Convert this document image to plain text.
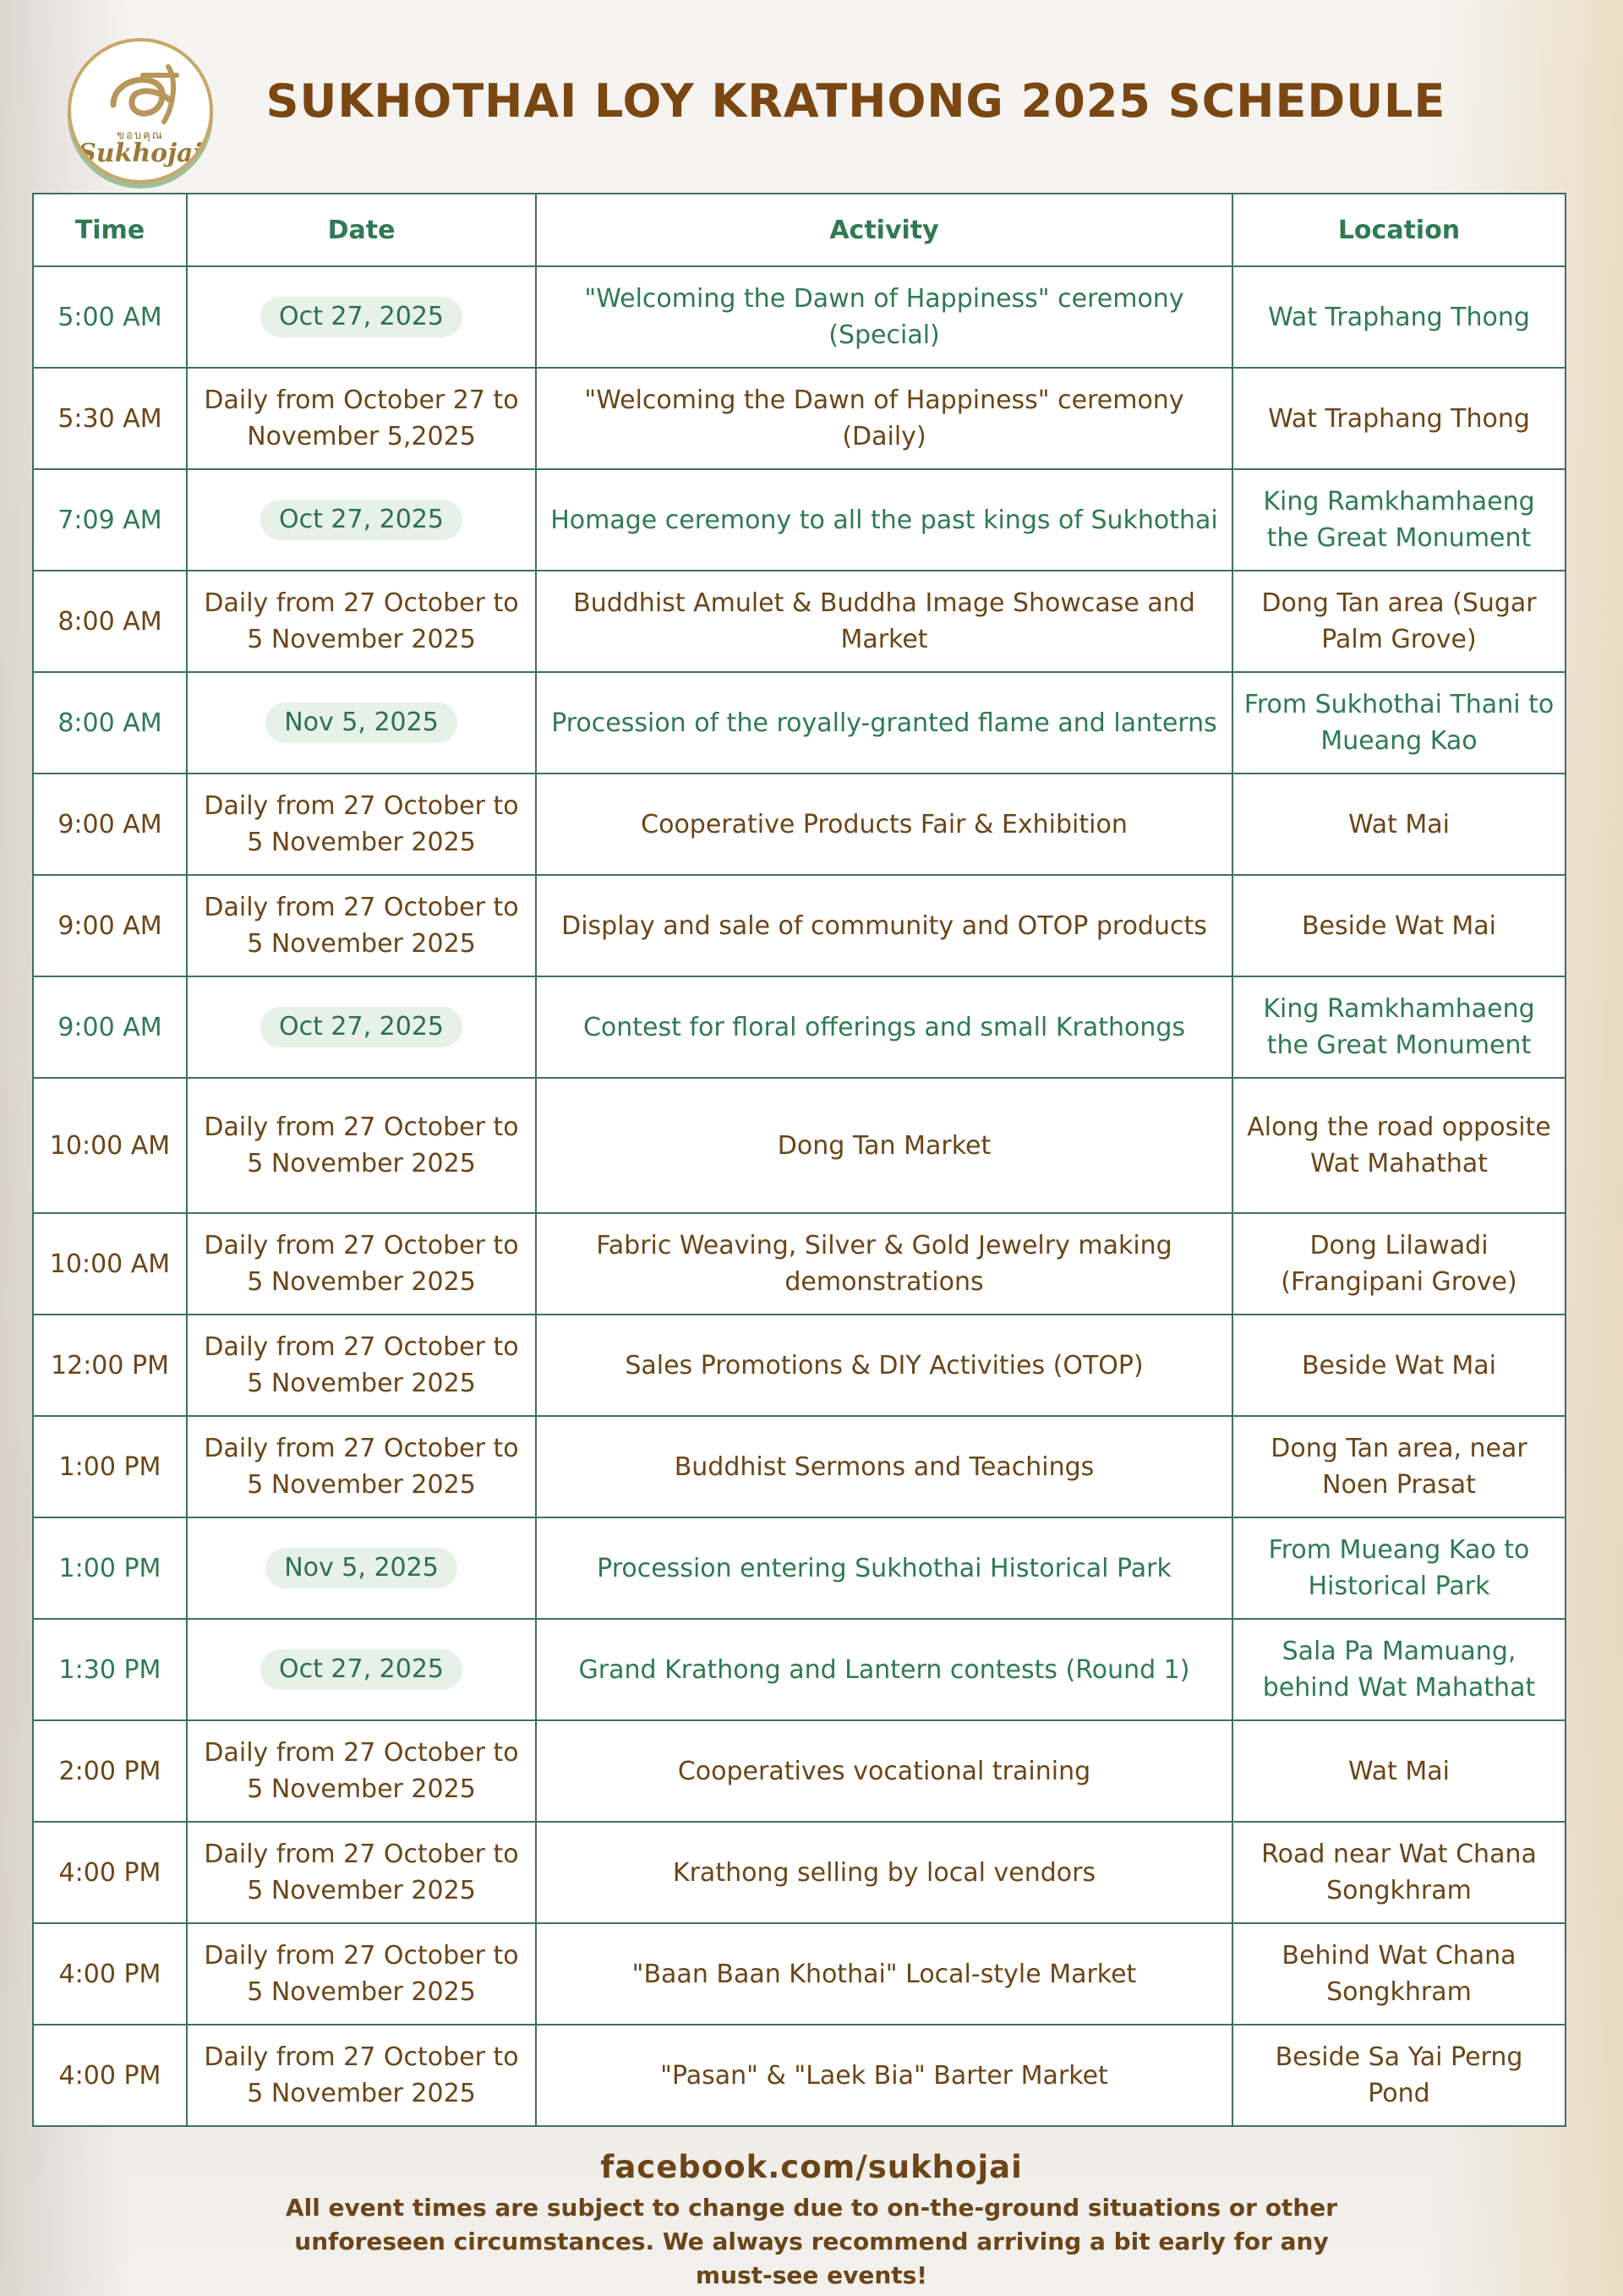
ขอบคุณ
Sukhojai
SUKHOTHAI LOY KRATHONG 2025 SCHEDULE
Time	Date	Activity	Location
5:00 AM	Oct 27, 2025	"Welcoming the Dawn of Happiness" ceremony (Special)	Wat Traphang Thong
5:30 AM	Daily from October 27 to November 5,2025	"Welcoming the Dawn of Happiness" ceremony (Daily)	Wat Traphang Thong
7:09 AM	Oct 27, 2025	Homage ceremony to all the past kings of Sukhothai	King Ramkhamhaeng the Great Monument
8:00 AM	Daily from 27 October to 5 November 2025	Buddhist Amulet & Buddha Image Showcase and Market	Dong Tan area (Sugar Palm Grove)
8:00 AM	Nov 5, 2025	Procession of the royally-granted flame and lanterns	From Sukhothai Thani to Mueang Kao
9:00 AM	Daily from 27 October to 5 November 2025	Cooperative Products Fair & Exhibition	Wat Mai
9:00 AM	Daily from 27 October to 5 November 2025	Display and sale of community and OTOP products	Beside Wat Mai
9:00 AM	Oct 27, 2025	Contest for floral offerings and small Krathongs	King Ramkhamhaeng the Great Monument
10:00 AM	Daily from 27 October to 5 November 2025	Dong Tan Market	Along the road opposite Wat Mahathat
10:00 AM	Daily from 27 October to 5 November 2025	Fabric Weaving, Silver & Gold Jewelry making demonstrations	Dong Lilawadi (Frangipani Grove)
12:00 PM	Daily from 27 October to 5 November 2025	Sales Promotions & DIY Activities (OTOP)	Beside Wat Mai
1:00 PM	Daily from 27 October to 5 November 2025	Buddhist Sermons and Teachings	Dong Tan area, near Noen Prasat
1:00 PM	Nov 5, 2025	Procession entering Sukhothai Historical Park	From Mueang Kao to Historical Park
1:30 PM	Oct 27, 2025	Grand Krathong and Lantern contests (Round 1)	Sala Pa Mamuang, behind Wat Mahathat
2:00 PM	Daily from 27 October to 5 November 2025	Cooperatives vocational training	Wat Mai
4:00 PM	Daily from 27 October to 5 November 2025	Krathong selling by local vendors	Road near Wat Chana Songkhram
4:00 PM	Daily from 27 October to 5 November 2025	"Baan Baan Khothai" Local-style Market	Behind Wat Chana Songkhram
4:00 PM	Daily from 27 October to 5 November 2025	"Pasan" & "Laek Bia" Barter Market	Beside Sa Yai Perng Pond
facebook.com/sukhojai
All event times are subject to change due to on-the-ground situations or other unforeseen circumstances. We always recommend arriving a bit early for any must-see events!
